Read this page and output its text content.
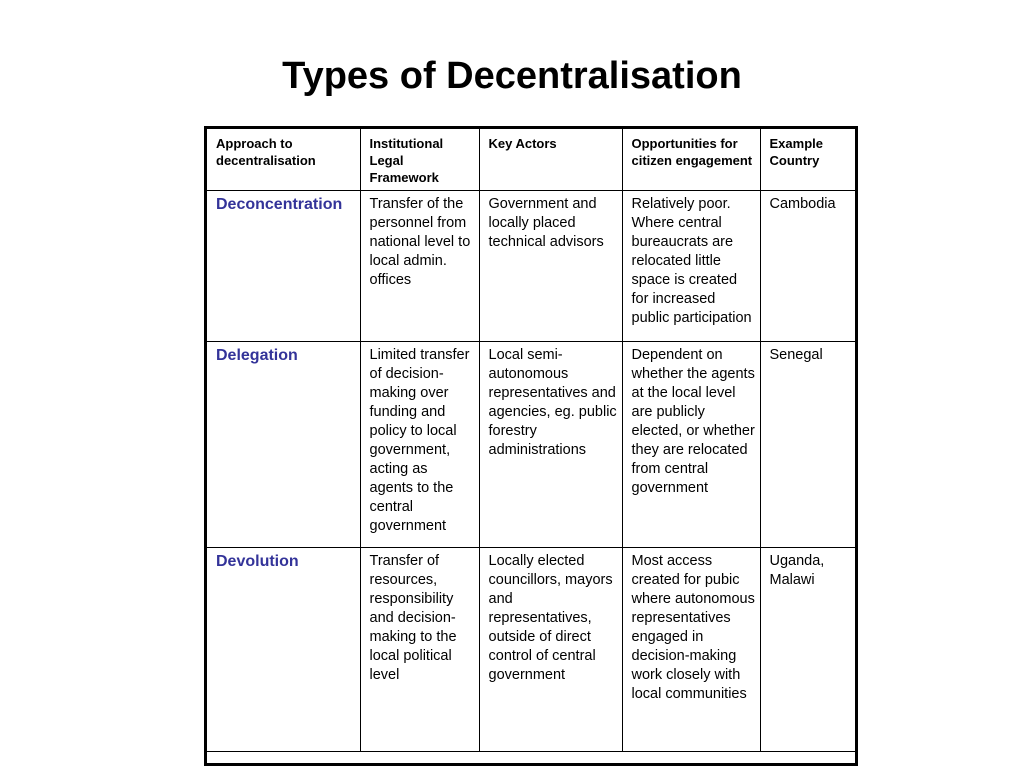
Types of Decentralisation
Approach to decentralisation	Institutional Legal Framework	Key Actors	Opportunities for citizen engagement	Example Country
Deconcentration	Transfer of the personnel from national level to local admin. offices	Government and locally placed technical advisors	Relatively poor. Where central bureaucrats are relocated little space is created for increased public participation	Cambodia
Delegation	Limited transfer of decision-making over funding and policy to local government, acting as agents to the central government	Local semi-autonomous representatives and agencies, eg. public forestry administrations	Dependent on whether the agents at the local level are publicly elected, or whether they are relocated from central government	Senegal
Devolution	Transfer of resources, responsibility and decision-making to the local political level	Locally elected councillors, mayors and representatives, outside of direct control of central government	Most access created for pubic where autonomous representatives engaged in decision-making work closely with local communities	Uganda, Malawi
